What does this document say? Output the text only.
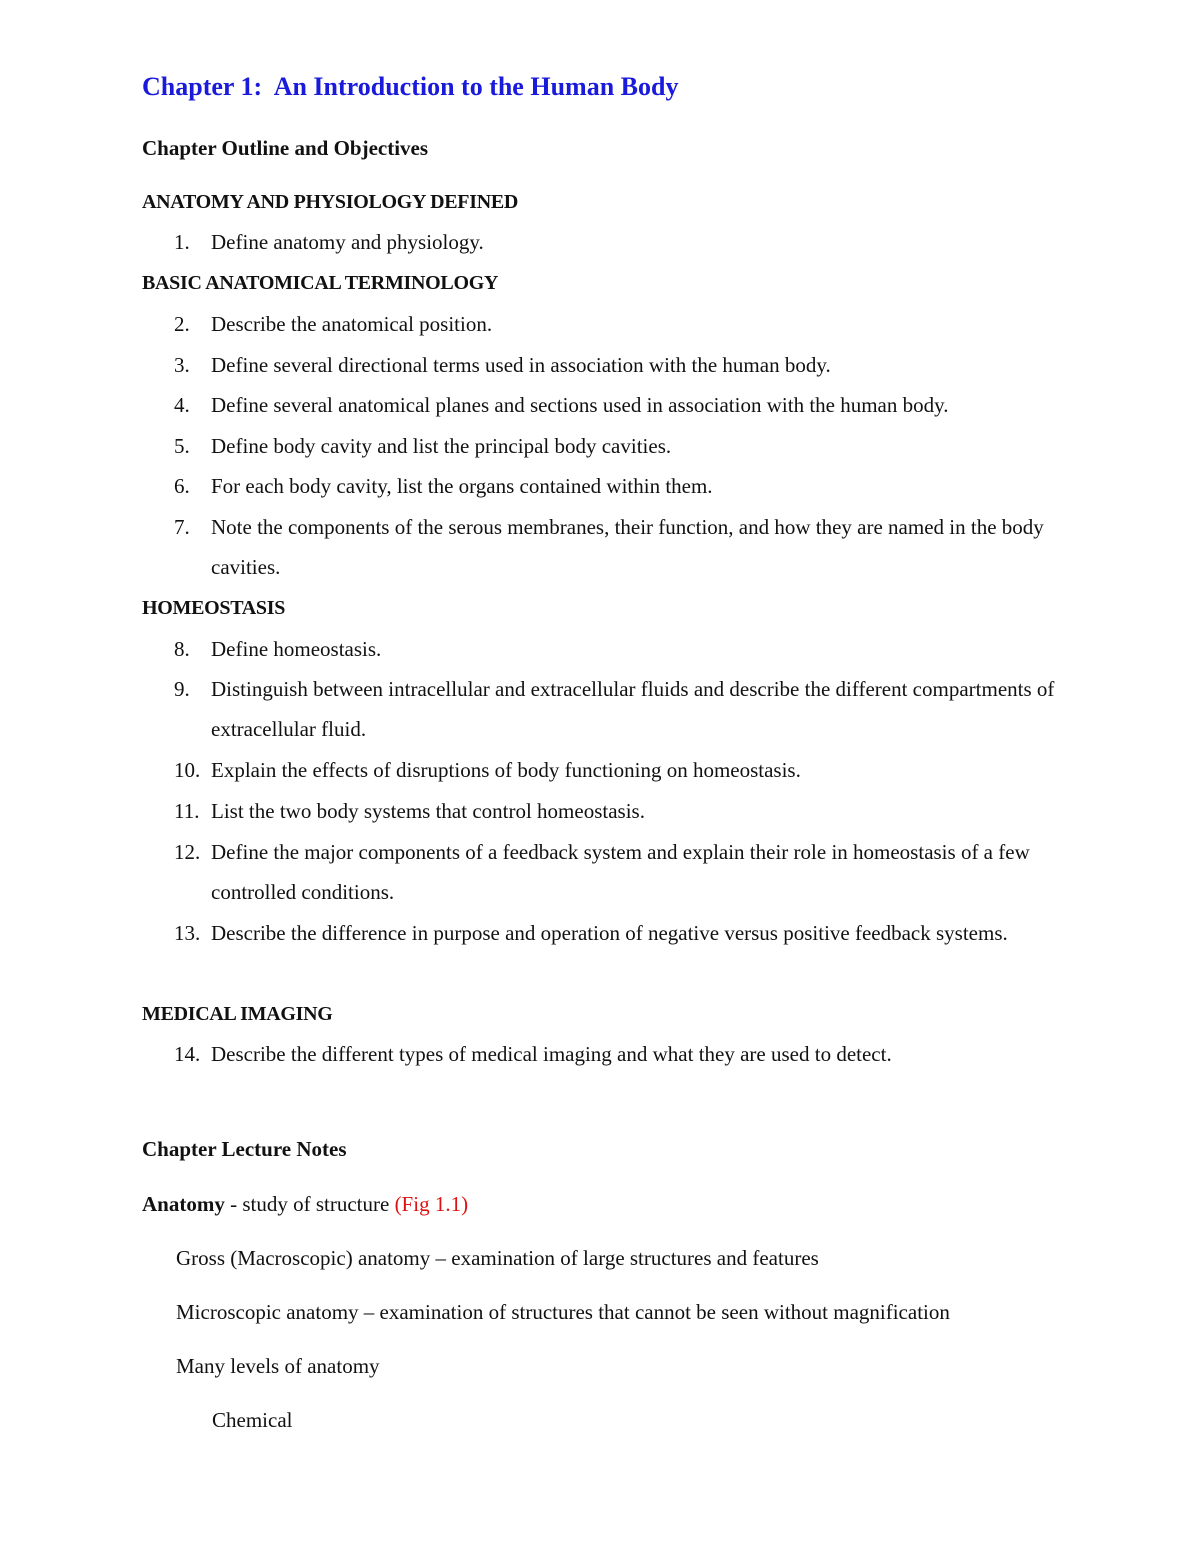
Chapter 1:  An Introduction to the Human Body

Chapter Outline and Objectives

ANATOMY AND PHYSIOLOGY DEFINED

1.	Define anatomy and physiology.

BASIC ANATOMICAL TERMINOLOGY

2.	Describe the anatomical position.
3.	Define several directional terms used in association with the human body.
4.	Define several anatomical planes and sections used in association with the human body.
5.	Define body cavity and list the principal body cavities.
6.	For each body cavity, list the organs contained within them.
7.	Note the components of the serous membranes, their function, and how they are named in the body cavities.

HOMEOSTASIS

8.	Define homeostasis.
9.	Distinguish between intracellular and extracellular fluids and describe the different compartments of extracellular fluid.
10. Explain the effects of disruptions of body functioning on homeostasis.
11. List the two body systems that control homeostasis.
12. Define the major components of a feedback system and explain their role in homeostasis of a few controlled conditions.
13. Describe the difference in purpose and operation of negative versus positive feedback systems.

MEDICAL IMAGING

14. Describe the different types of medical imaging and what they are used to detect.

Chapter Lecture Notes

Anatomy - study of structure (Fig 1.1)

Gross (Macroscopic) anatomy – examination of large structures and features

Microscopic anatomy – examination of structures that cannot be seen without magnification

Many levels of anatomy

Chemical
